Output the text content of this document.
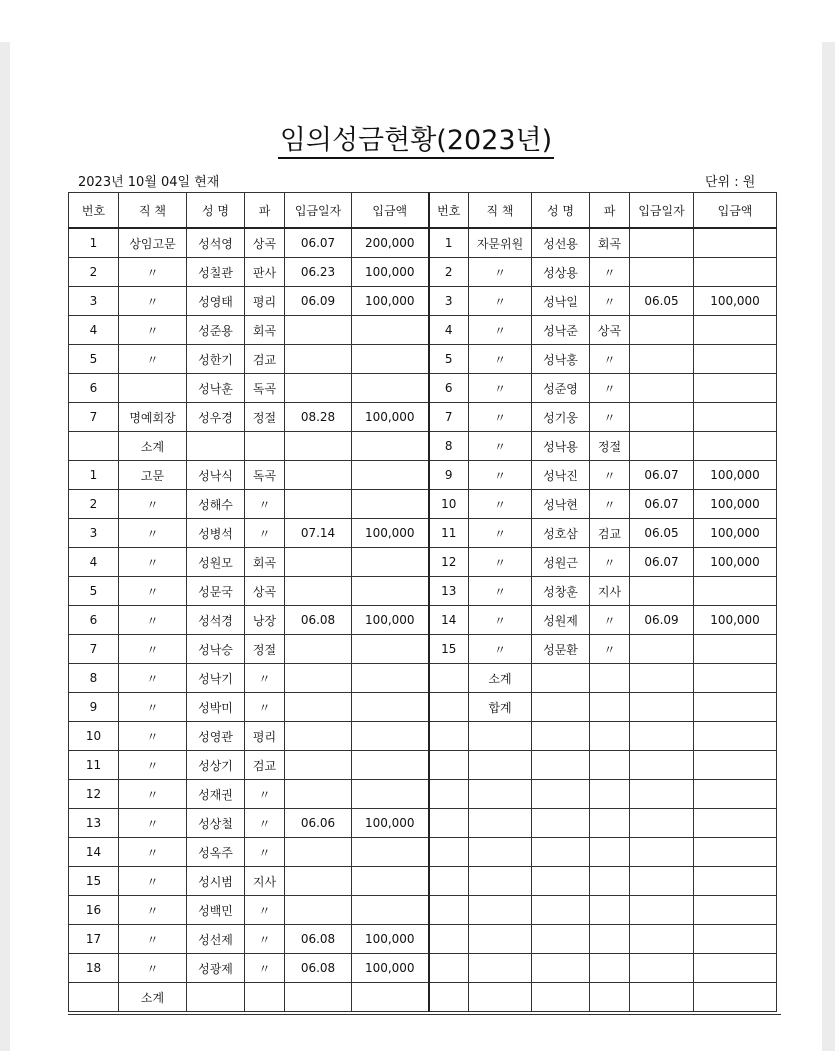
임의성금현황(2023년)
2023년 10월 04일 현재	단위 : 원
번호	직 책	성 명	파	입금일자	입금액	번호	직 책	성 명	파	입금일자	입금액
1	상임고문	성석영	상곡	06.07	200,000	1	자문위원	성선용	회곡		
2	〃	성칠관	판사	06.23	100,000	2	〃	성상용	〃		
3	〃	성영태	평리	06.09	100,000	3	〃	성낙일	〃	06.05	100,000
4	〃	성준용	회곡			4	〃	성낙준	상곡		
5	〃	성한기	검교			5	〃	성낙홍	〃		
6		성낙훈	독곡			6	〃	성준영	〃		
7	명예회장	성우경	정절	08.28	100,000	7	〃	성기웅	〃		
	소계					8	〃	성낙용	정절		
1	고문	성낙식	독곡			9	〃	성낙진	〃	06.07	100,000
2	〃	성해수	〃			10	〃	성낙현	〃	06.07	100,000
3	〃	성병석	〃	07.14	100,000	11	〃	성호삼	검교	06.05	100,000
4	〃	성원모	회곡			12	〃	성원근	〃	06.07	100,000
5	〃	성문국	상곡			13	〃	성창훈	지사		
6	〃	성석경	낭장	06.08	100,000	14	〃	성원제	〃	06.09	100,000
7	〃	성낙승	정절			15	〃	성문환	〃		
8	〃	성낙기	〃				소계				
9	〃	성박미	〃				합계				
10	〃	성영관	평리								
11	〃	성상기	검교								
12	〃	성재권	〃								
13	〃	성상철	〃	06.06	100,000						
14	〃	성옥주	〃								
15	〃	성시범	지사								
16	〃	성백민	〃								
17	〃	성선제	〃	06.08	100,000						
18	〃	성광제	〃	06.08	100,000						
	소계										
